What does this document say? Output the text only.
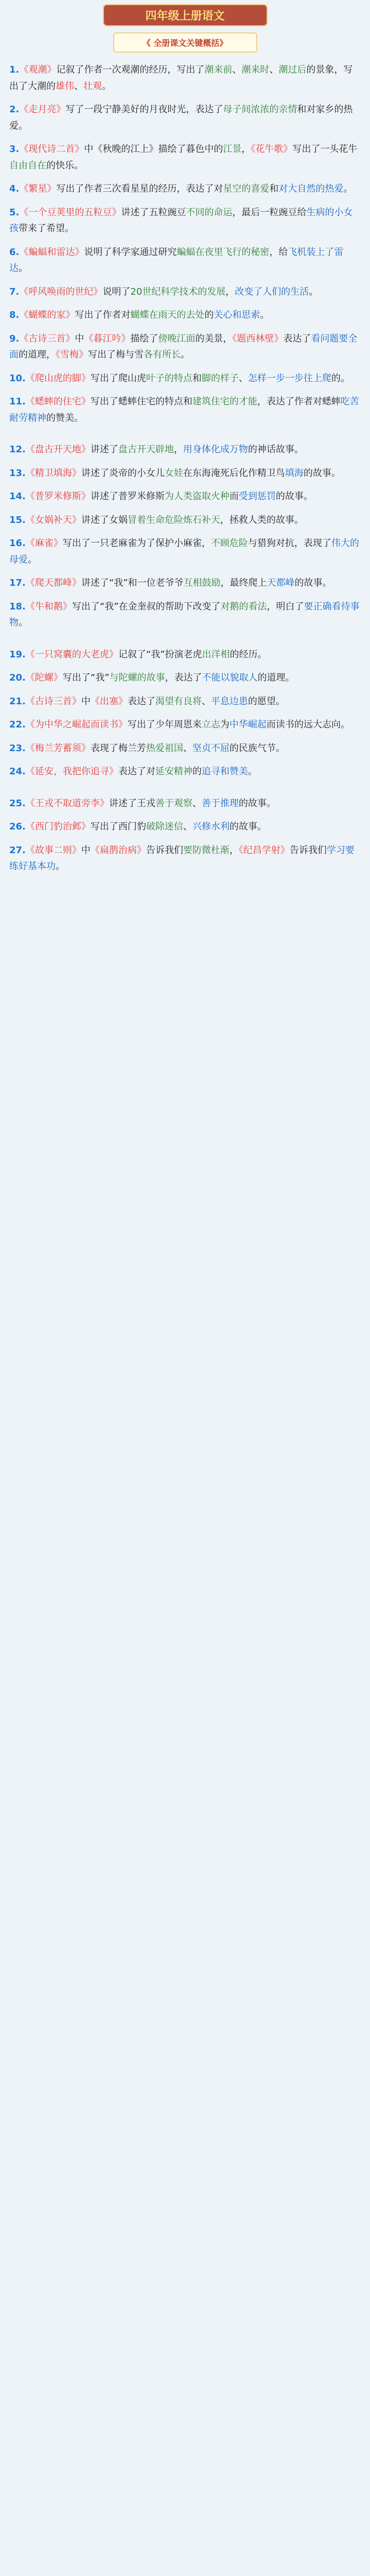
四年级上册语文
《 全册课文关键概括》
1.《观潮》记叙了作者一次观潮的经历，写出了潮来前、潮来时、潮过后的景象，写出了大潮的雄伟、壮观。
2.《走月亮》写了一段宁静美好的月夜时光，表达了母子间浓浓的亲情和对家乡的热爱。
3.《现代诗二首》中《秋晚的江上》描绘了暮色中的江景，《花牛歌》写出了一头花牛自由自在的快乐。
4.《繁星》写出了作者三次看星星的经历，表达了对星空的喜爱和对大自然的热爱。
5.《一个豆荚里的五粒豆》讲述了五粒豌豆不同的命运，最后一粒豌豆给生病的小女孩带来了希望。
6.《蝙蝠和雷达》说明了科学家通过研究蝙蝠在夜里飞行的秘密，给飞机装上了雷达。
7.《呼风唤雨的世纪》说明了20世纪科学技术的发展，改变了人们的生活。
8.《蝴蝶的家》写出了作者对蝴蝶在雨天的去处的关心和思索。
9.《古诗三首》中《暮江吟》描绘了傍晚江面的美景，《题西林壁》表达了看问题要全面的道理，《雪梅》写出了梅与雪各有所长。
10.《爬山虎的脚》写出了爬山虎叶子的特点和脚的样子、怎样一步一步往上爬的。
11.《蟋蟀的住宅》写出了蟋蟀住宅的特点和建筑住宅的才能，表达了作者对蟋蟀吃苦耐劳精神的赞美。
12.《盘古开天地》讲述了盘古开天辟地，用身体化成万物的神话故事。
13.《精卫填海》讲述了炎帝的小女儿女娃在东海淹死后化作精卫鸟填海的故事。
14.《普罗米修斯》讲述了普罗米修斯为人类盗取火种而受到惩罚的故事。
15.《女娲补天》讲述了女娲冒着生命危险炼石补天，拯救人类的故事。
16.《麻雀》写出了一只老麻雀为了保护小麻雀，不顾危险与猎狗对抗，表现了伟大的母爱。
17.《爬天都峰》讲述了“我”和一位老爷爷互相鼓励，最终爬上天都峰的故事。
18.《牛和鹅》写出了“我”在金奎叔的帮助下改变了对鹅的看法，明白了要正确看待事物。
19.《一只窝囊的大老虎》记叙了“我”扮演老虎出洋相的经历。
20.《陀螺》写出了“我”与陀螺的故事，表达了不能以貌取人的道理。
21.《古诗三首》中《出塞》表达了渴望有良将、平息边患的愿望。
22.《为中华之崛起而读书》写出了少年周恩来立志为中华崛起而读书的远大志向。
23.《梅兰芳蓄须》表现了梅兰芳热爱祖国、坚贞不屈的民族气节。
24.《延安，我把你追寻》表达了对延安精神的追寻和赞美。
25.《王戎不取道旁李》讲述了王戎善于观察、善于推理的故事。
26.《西门豹治邺》写出了西门豹破除迷信、兴修水利的故事。
27.《故事二则》中《扁鹊治病》告诉我们要防微杜渐，《纪昌学射》告诉我们学习要练好基本功。
